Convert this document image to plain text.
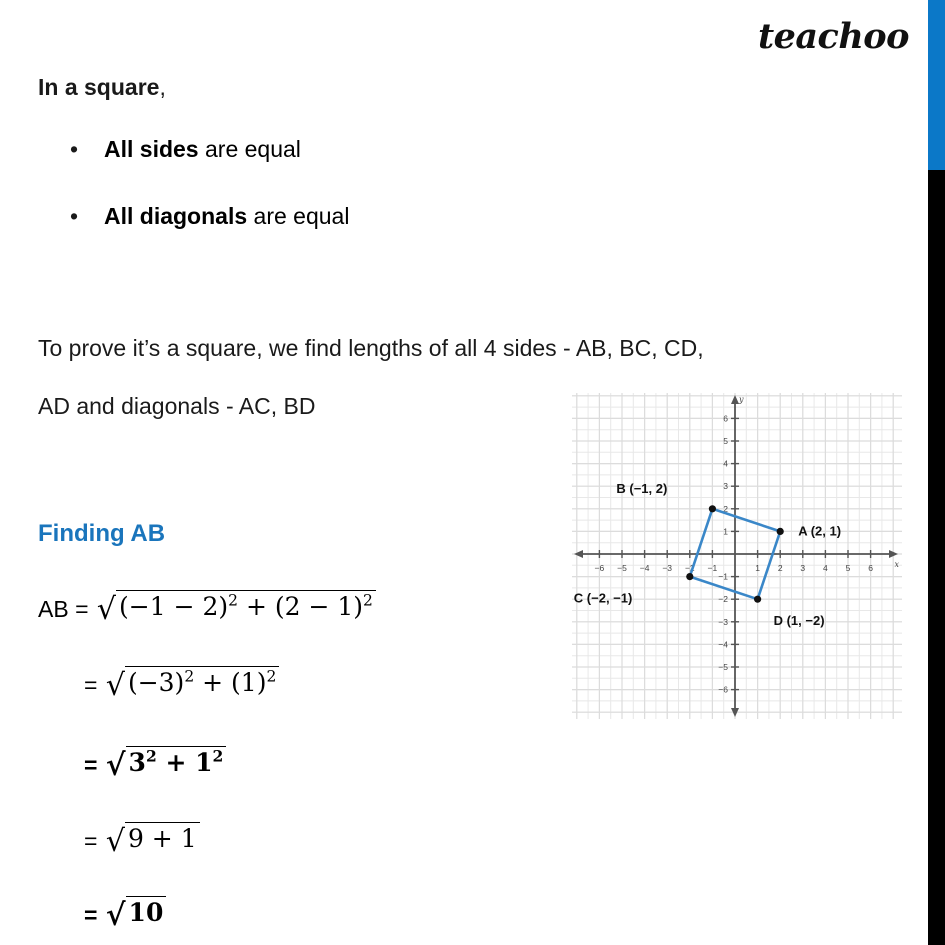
teachoo
In a square,
• All sides are equal
• All diagonals are equal
To prove it’s a square, we find lengths of all 4 sides - AB, BC, CD,
AD and diagonals - AC, BD
Finding AB
AB = √ $(-1 - 2)^2 + (2 - 1)^2$
= √ $(-3)^2 + (1)^2$
= √ $3^2 + 1^2$
= √ 9 + 1
= √ 10
−6 −5 −4 −3 −2 −1	1 2 3 4 5 6
−6
−5
−4
−3
−2
−1
1
2
3
4
5
6
x
y
A (2, 1)
B (−1, 2)
C (−2, −1)
D (1, −2)
